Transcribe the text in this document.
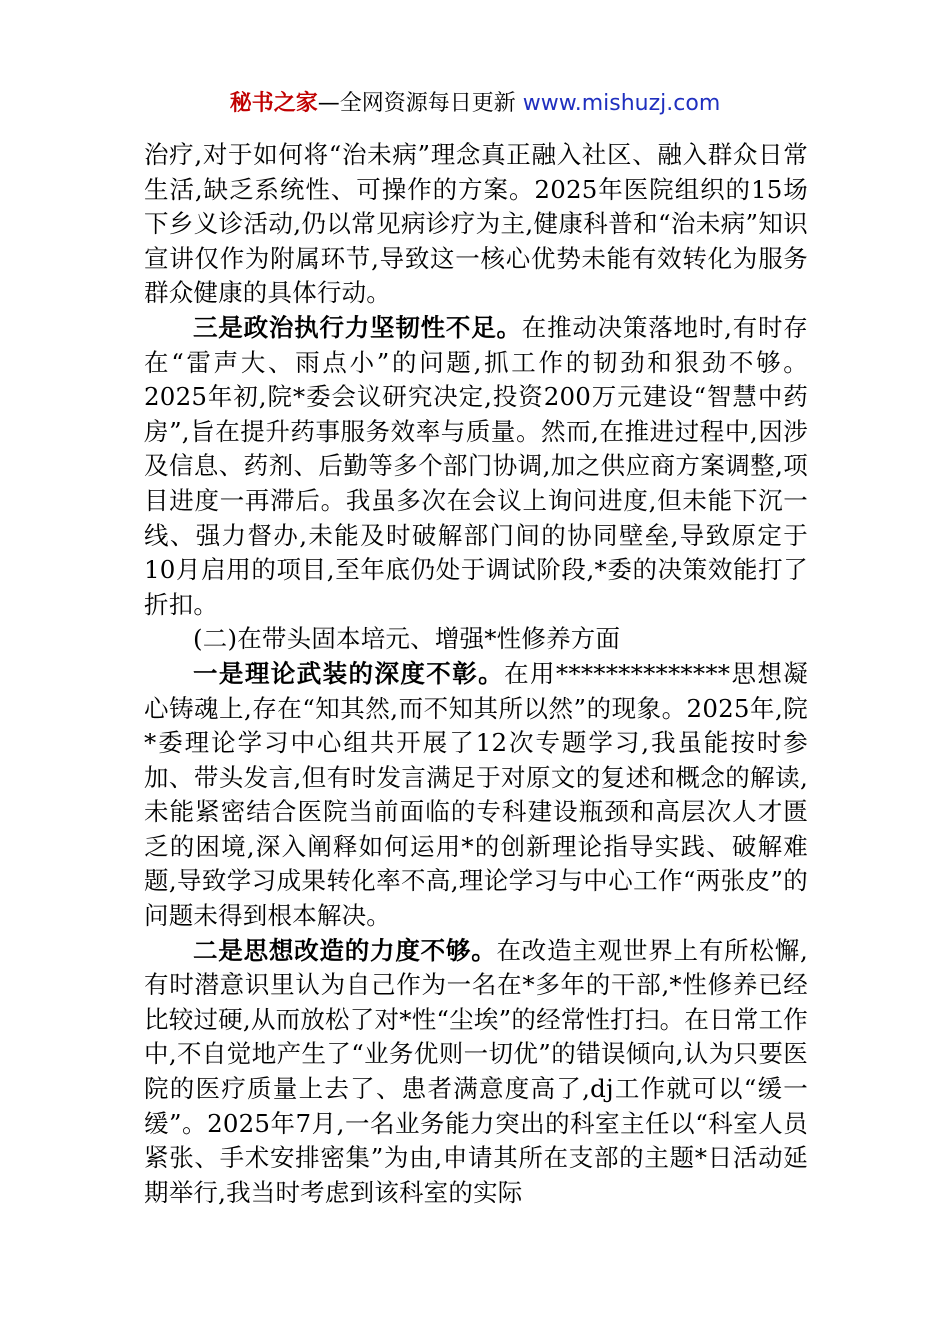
秘书之家—全网资源每日更新 www.mishuzj.com

治疗,对于如何将“治未病”理念真正融入社区、融入群众日常生活,缺乏系统性、可操作的方案。2025年医院组织的15场下乡义诊活动,仍以常见病诊疗为主,健康科普和“治未病”知识宣讲仅作为附属环节,导致这一核心优势未能有效转化为服务群众健康的具体行动。

三是政治执行力坚韧性不足。在推动决策落地时,有时存在“雷声大、雨点小”的问题,抓工作的韧劲和狠劲不够。2025年初,院*委会议研究决定,投资200万元建设“智慧中药房”,旨在提升药事服务效率与质量。然而,在推进过程中,因涉及信息、药剂、后勤等多个部门协调,加之供应商方案调整,项目进度一再滞后。我虽多次在会议上询问进度,但未能下沉一线、强力督办,未能及时破解部门间的协同壁垒,导致原定于10月启用的项目,至年底仍处于调试阶段,*委的决策效能打了折扣。

(二)在带头固本培元、增强*性修养方面

一是理论武装的深度不彰。在用**************思想凝心铸魂上,存在“知其然,而不知其所以然”的现象。2025年,院*委理论学习中心组共开展了12次专题学习,我虽能按时参加、带头发言,但有时发言满足于对原文的复述和概念的解读,未能紧密结合医院当前面临的专科建设瓶颈和高层次人才匮乏的困境,深入阐释如何运用*的创新理论指导实践、破解难题,导致学习成果转化率不高,理论学习与中心工作“两张皮”的问题未得到根本解决。

二是思想改造的力度不够。在改造主观世界上有所松懈,有时潜意识里认为自己作为一名在*多年的干部,*性修养已经比较过硬,从而放松了对*性“尘埃”的经常性打扫。在日常工作中,不自觉地产生了“业务优则一切优”的错误倾向,认为只要医院的医疗质量上去了、患者满意度高了,dj工作就可以“缓一缓”。2025年7月,一名业务能力突出的科室主任以“科室人员紧张、手术安排密集”为由,申请其所在支部的主题*日活动延期举行,我当时考虑到该科室的实际
